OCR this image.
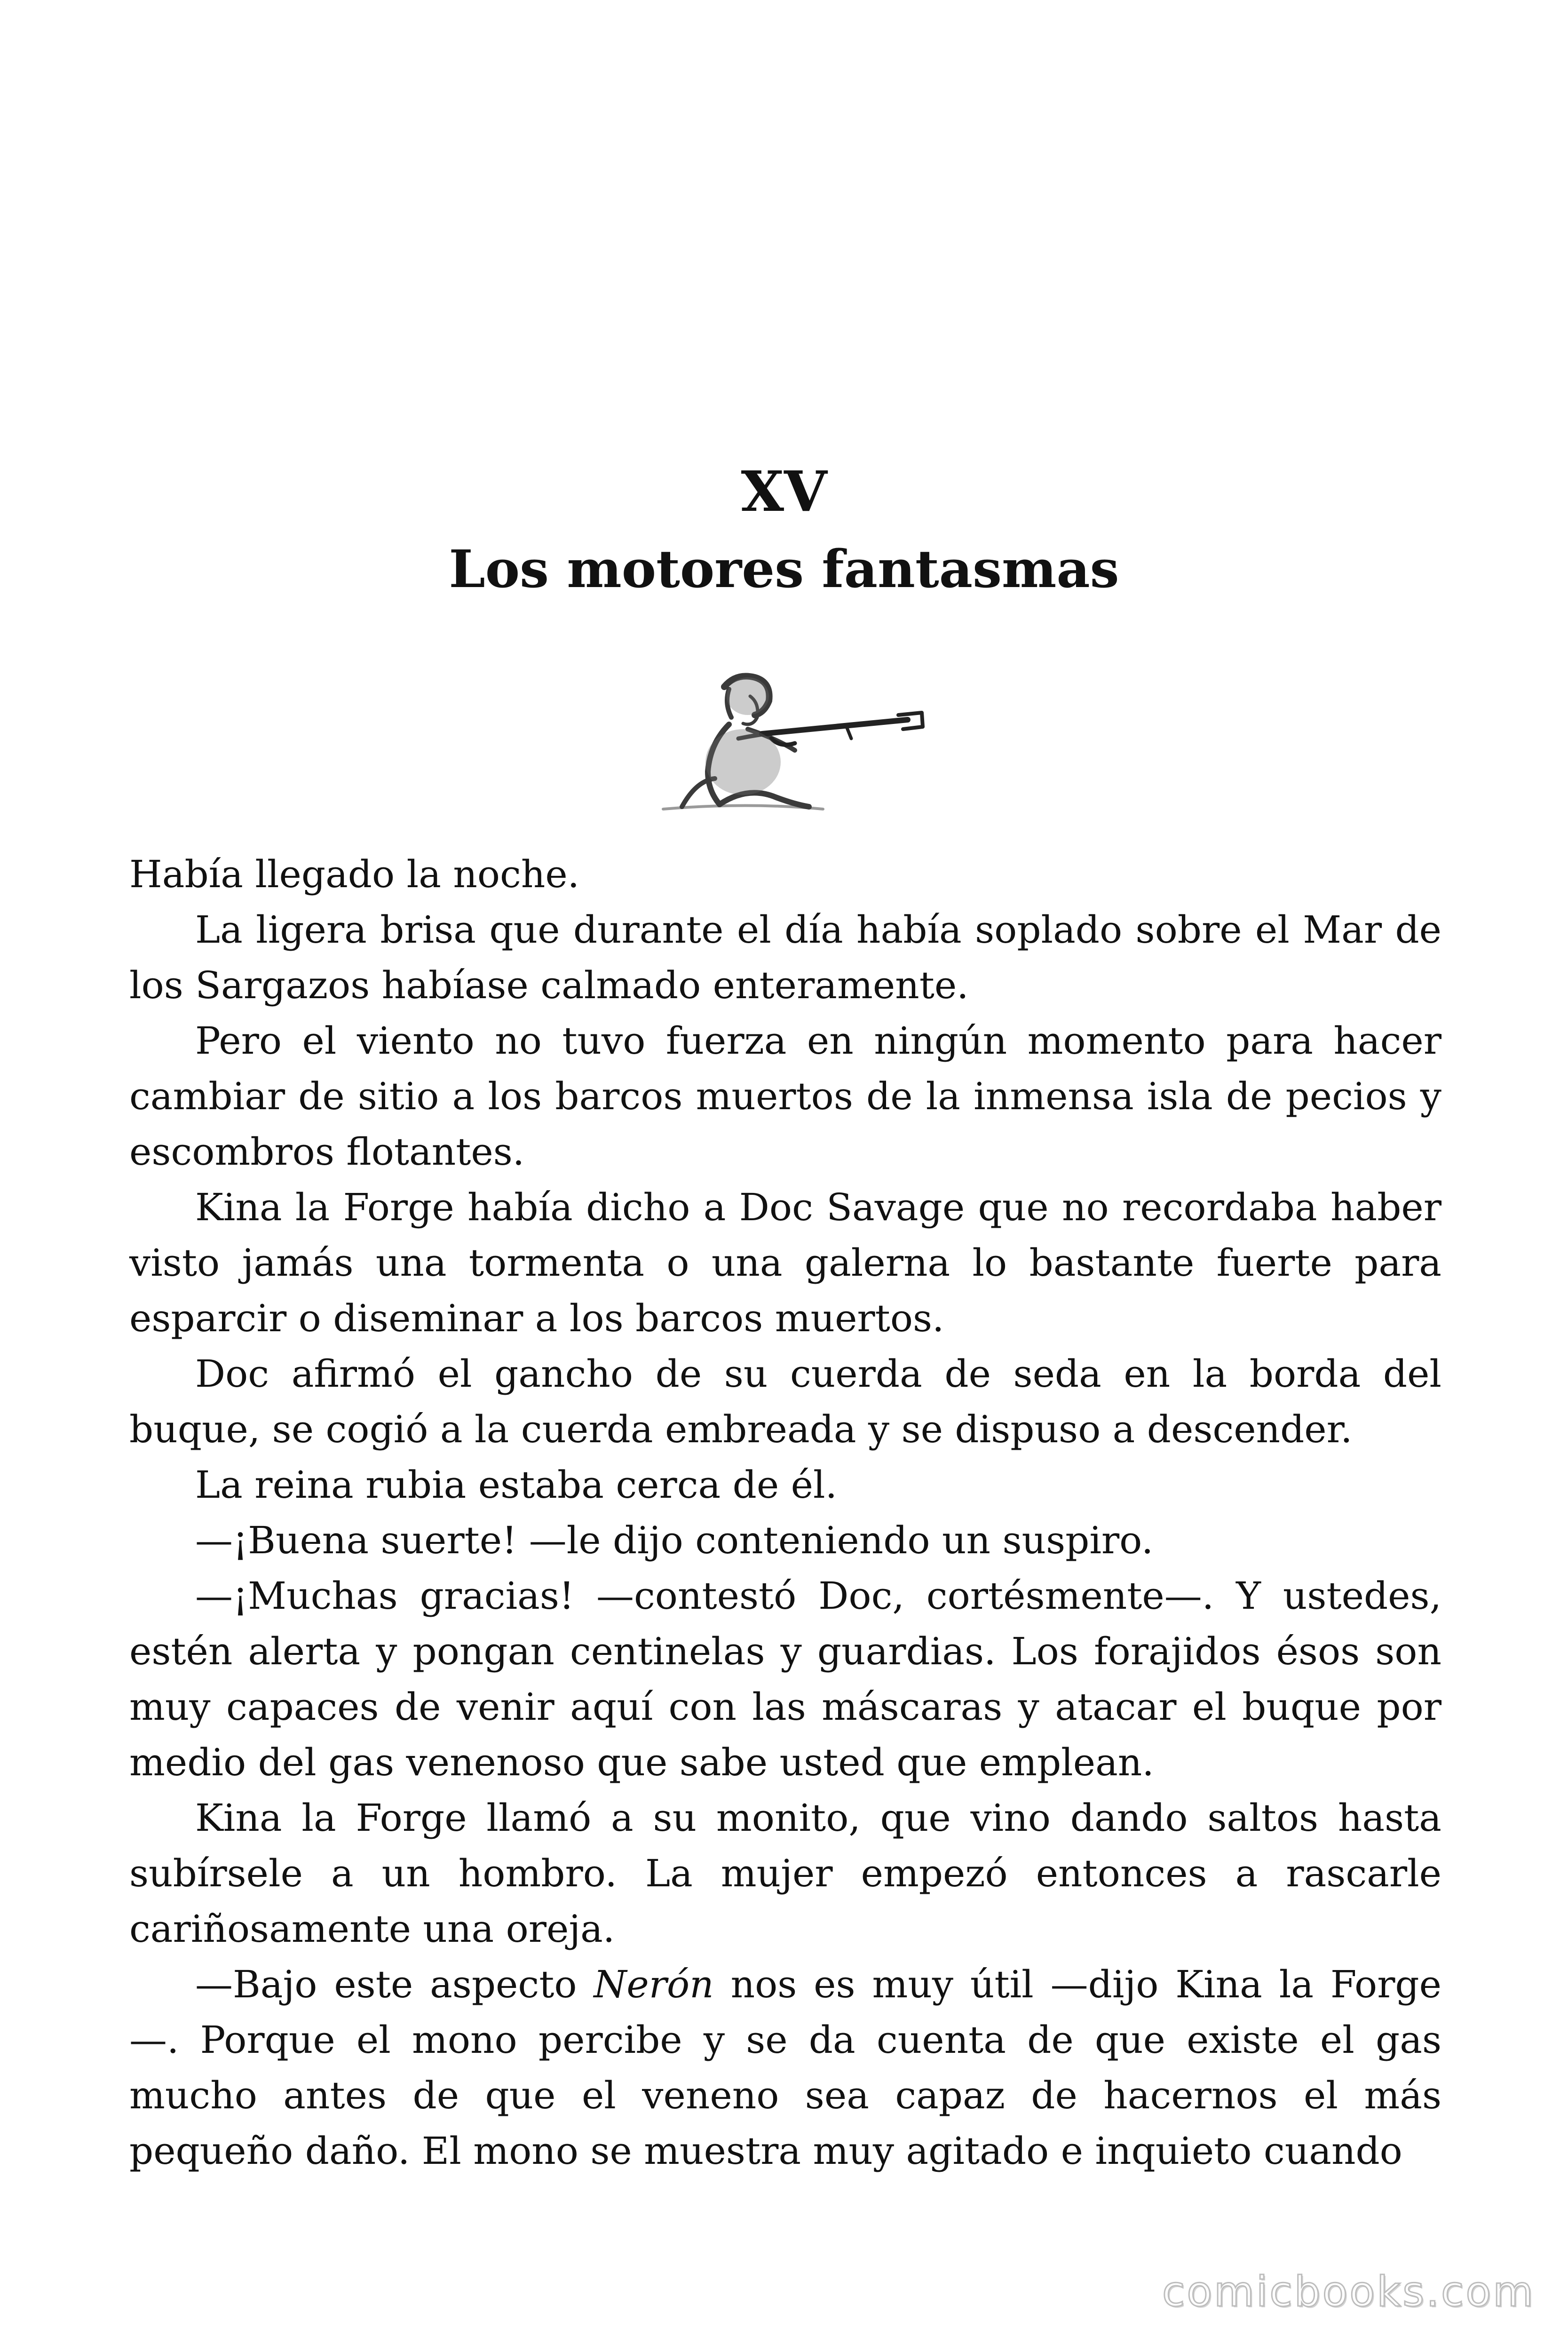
XV
Los motores fantasmas

Había llegado la noche.

La ligera brisa que durante el día había soplado sobre el Mar de los Sargazos habíase calmado enteramente.

Pero el viento no tuvo fuerza en ningún momento para hacer cambiar de sitio a los barcos muertos de la inmensa isla de pecios y escombros flotantes.

Kina la Forge había dicho a Doc Savage que no recordaba haber visto jamás una tormenta o una galerna lo bastante fuerte para esparcir o diseminar a los barcos muertos.

Doc afirmó el gancho de su cuerda de seda en la borda del buque, se cogió a la cuerda embreada y se dispuso a descender.

La reina rubia estaba cerca de él.

—¡Buena suerte! —le dijo conteniendo un suspiro.

—¡Muchas gracias! —contestó Doc, cortésmente—. Y ustedes, estén alerta y pongan centinelas y guardias. Los forajidos ésos son muy capaces de venir aquí con las máscaras y atacar el buque por medio del gas venenoso que sabe usted que emplean.

Kina la Forge llamó a su monito, que vino dando saltos hasta subírsele a un hombro. La mujer empezó entonces a rascarle cariñosamente una oreja.

—Bajo este aspecto Nerón nos es muy útil —dijo Kina la Forge —. Porque el mono percibe y se da cuenta de que existe el gas mucho antes de que el veneno sea capaz de hacernos el más pequeño daño. El mono se muestra muy agitado e inquieto cuando

comicbooks.com
